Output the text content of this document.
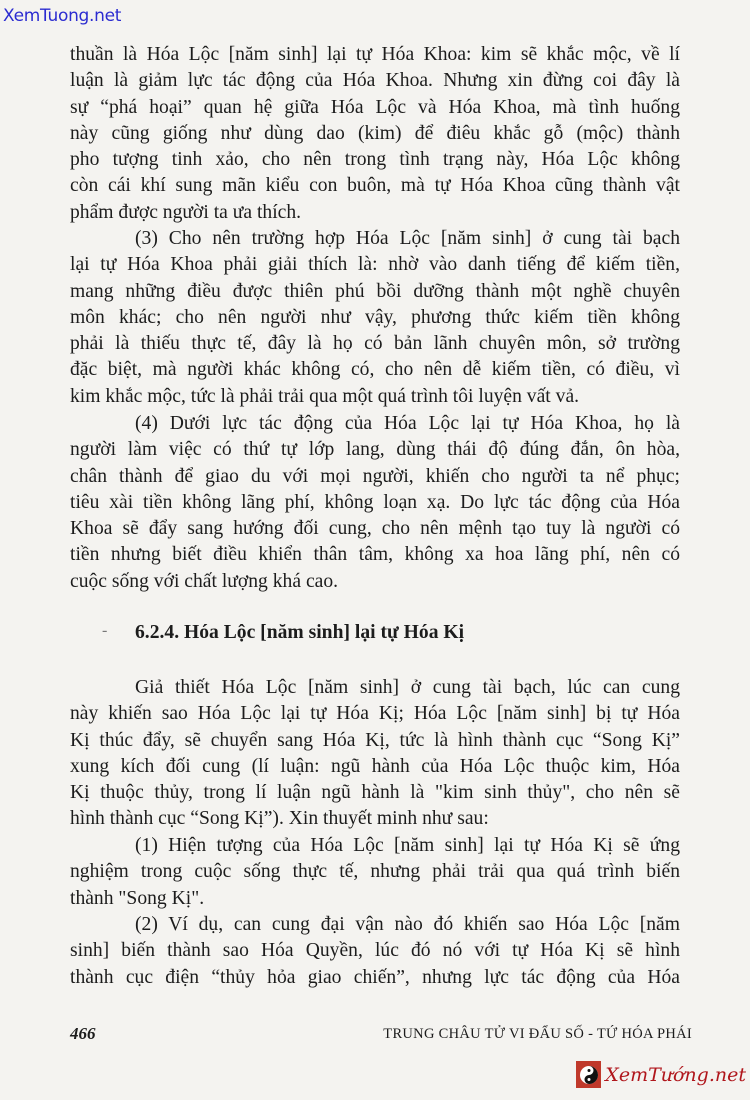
XemTuong.net
thuần là Hóa Lộc [năm sinh] lại tự Hóa Khoa: kim sẽ khắc mộc, về lí
luận là giảm lực tác động của Hóa Khoa. Nhưng xin đừng coi đây là
sự “phá hoại” quan hệ giữa Hóa Lộc và Hóa Khoa, mà tình huống
này cũng giống như dùng dao (kim) để điêu khắc gỗ (mộc) thành
pho tượng tinh xảo, cho nên trong tình trạng này, Hóa Lộc không
còn cái khí sung mãn kiểu con buôn, mà tự Hóa Khoa cũng thành vật
phẩm được người ta ưa thích.
(3) Cho nên trường hợp Hóa Lộc [năm sinh] ở cung tài bạch
lại tự Hóa Khoa phải giải thích là: nhờ vào danh tiếng để kiếm tiền,
mang những điều được thiên phú bồi dưỡng thành một nghề chuyên
môn khác; cho nên người như vậy, phương thức kiếm tiền không
phải là thiếu thực tế, đây là họ có bản lãnh chuyên môn, sở trường
đặc biệt, mà người khác không có, cho nên dễ kiếm tiền, có điều, vì
kim khắc mộc, tức là phải trải qua một quá trình tôi luyện vất vả.
(4) Dưới lực tác động của Hóa Lộc lại tự Hóa Khoa, họ là
người làm việc có thứ tự lớp lang, dùng thái độ đúng đắn, ôn hòa,
chân thành để giao du với mọi người, khiến cho người ta nể phục;
tiêu xài tiền không lãng phí, không loạn xạ. Do lực tác động của Hóa
Khoa sẽ đẩy sang hướng đối cung, cho nên mệnh tạo tuy là người có
tiền nhưng biết điều khiển thân tâm, không xa hoa lãng phí, nên có
cuộc sống với chất lượng khá cao.
- 6.2.4. Hóa Lộc [năm sinh] lại tự Hóa Kị
Giả thiết Hóa Lộc [năm sinh] ở cung tài bạch, lúc can cung
này khiến sao Hóa Lộc lại tự Hóa Kị; Hóa Lộc [năm sinh] bị tự Hóa
Kị thúc đẩy, sẽ chuyển sang Hóa Kị, tức là hình thành cục “Song Kị”
xung kích đối cung (lí luận: ngũ hành của Hóa Lộc thuộc kim, Hóa
Kị thuộc thủy, trong lí luận ngũ hành là "kim sinh thủy", cho nên sẽ
hình thành cục “Song Kị”). Xin thuyết minh như sau:
(1) Hiện tượng của Hóa Lộc [năm sinh] lại tự Hóa Kị sẽ ứng
nghiệm trong cuộc sống thực tế, nhưng phải trải qua quá trình biến
thành "Song Kị".
(2) Ví dụ, can cung đại vận nào đó khiến sao Hóa Lộc [năm
sinh] biến thành sao Hóa Quyền, lúc đó nó với tự Hóa Kị sẽ hình
thành cục điện “thủy hỏa giao chiến”, nhưng lực tác động của Hóa
466	TRUNG CHÂU TỬ VI ĐẨU SỐ - TỨ HÓA PHÁI
XemTướng.net
